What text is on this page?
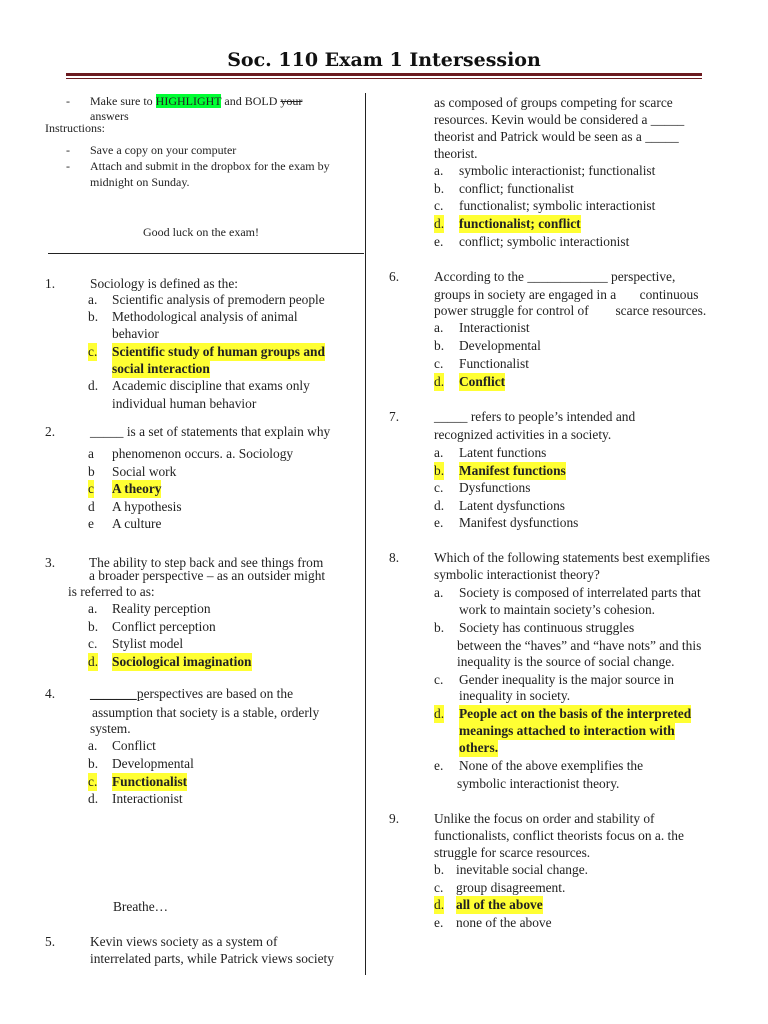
Soc. 110 Exam 1 Intersession
- Make sure to HIGHLIGHT and BOLD your
answers
Instructions:
- Save a copy on your computer
- Attach and submit in the dropbox for the exam by
midnight on Sunday.
Good luck on the exam!
1.	Sociology is defined as the:
a. Scientific analysis of premodern people
b. Methodological analysis of animal
behavior
c. Scientific study of human groups and
social interaction
d. Academic discipline that exams only
individual human behavior
2.	_____ is a set of statements that explain why
a phenomenon occurs. a. Sociology
b Social work
c A theory
d A hypothesis
e A culture
3.	The ability to step back and see things from
a broader perspective – as an outsider might
is referred to as:
a. Reality perception
b. Conflict perception
c. Stylist model
d. Sociological imagination
4.	_______perspectives are based on the
assumption that society is a stable, orderly
system.
a. Conflict
b. Developmental
c. Functionalist
d. Interactionist
Breathe…
5.	Kevin views society as a system of
interrelated parts, while Patrick views society
as composed of groups competing for scarce
resources. Kevin would be considered a _____
theorist and Patrick would be seen as a _____
theorist.
a. symbolic interactionist; functionalist
b. conflict; functionalist
c. functionalist; symbolic interactionist
d. functionalist; conflict
e. conflict; symbolic interactionist
6.	According to the ____________ perspective,
groups in society are engaged in a       continuous
power struggle for control of        scarce resources.
a. Interactionist
b. Developmental
c. Functionalist
d. Conflict
7.	_____ refers to people’s intended and
recognized activities in a society.
a. Latent functions
b. Manifest functions
c. Dysfunctions
d. Latent dysfunctions
e. Manifest dysfunctions
8.	Which of the following statements best exemplifies
symbolic interactionist theory?
a. Society is composed of interrelated parts that
work to maintain society’s cohesion.
b. Society has continuous struggles
between the “haves” and “have nots” and this
inequality is the source of social change.
c. Gender inequality is the major source in
inequality in society.
d. People act on the basis of the interpreted
meanings attached to interaction with
others.
e. None of the above exemplifies the
symbolic interactionist theory.
9.	Unlike the focus on order and stability of
functionalists, conflict theorists focus on a. the
struggle for scarce resources.
b. inevitable social change.
c. group disagreement.
d. all of the above
e. none of the above
